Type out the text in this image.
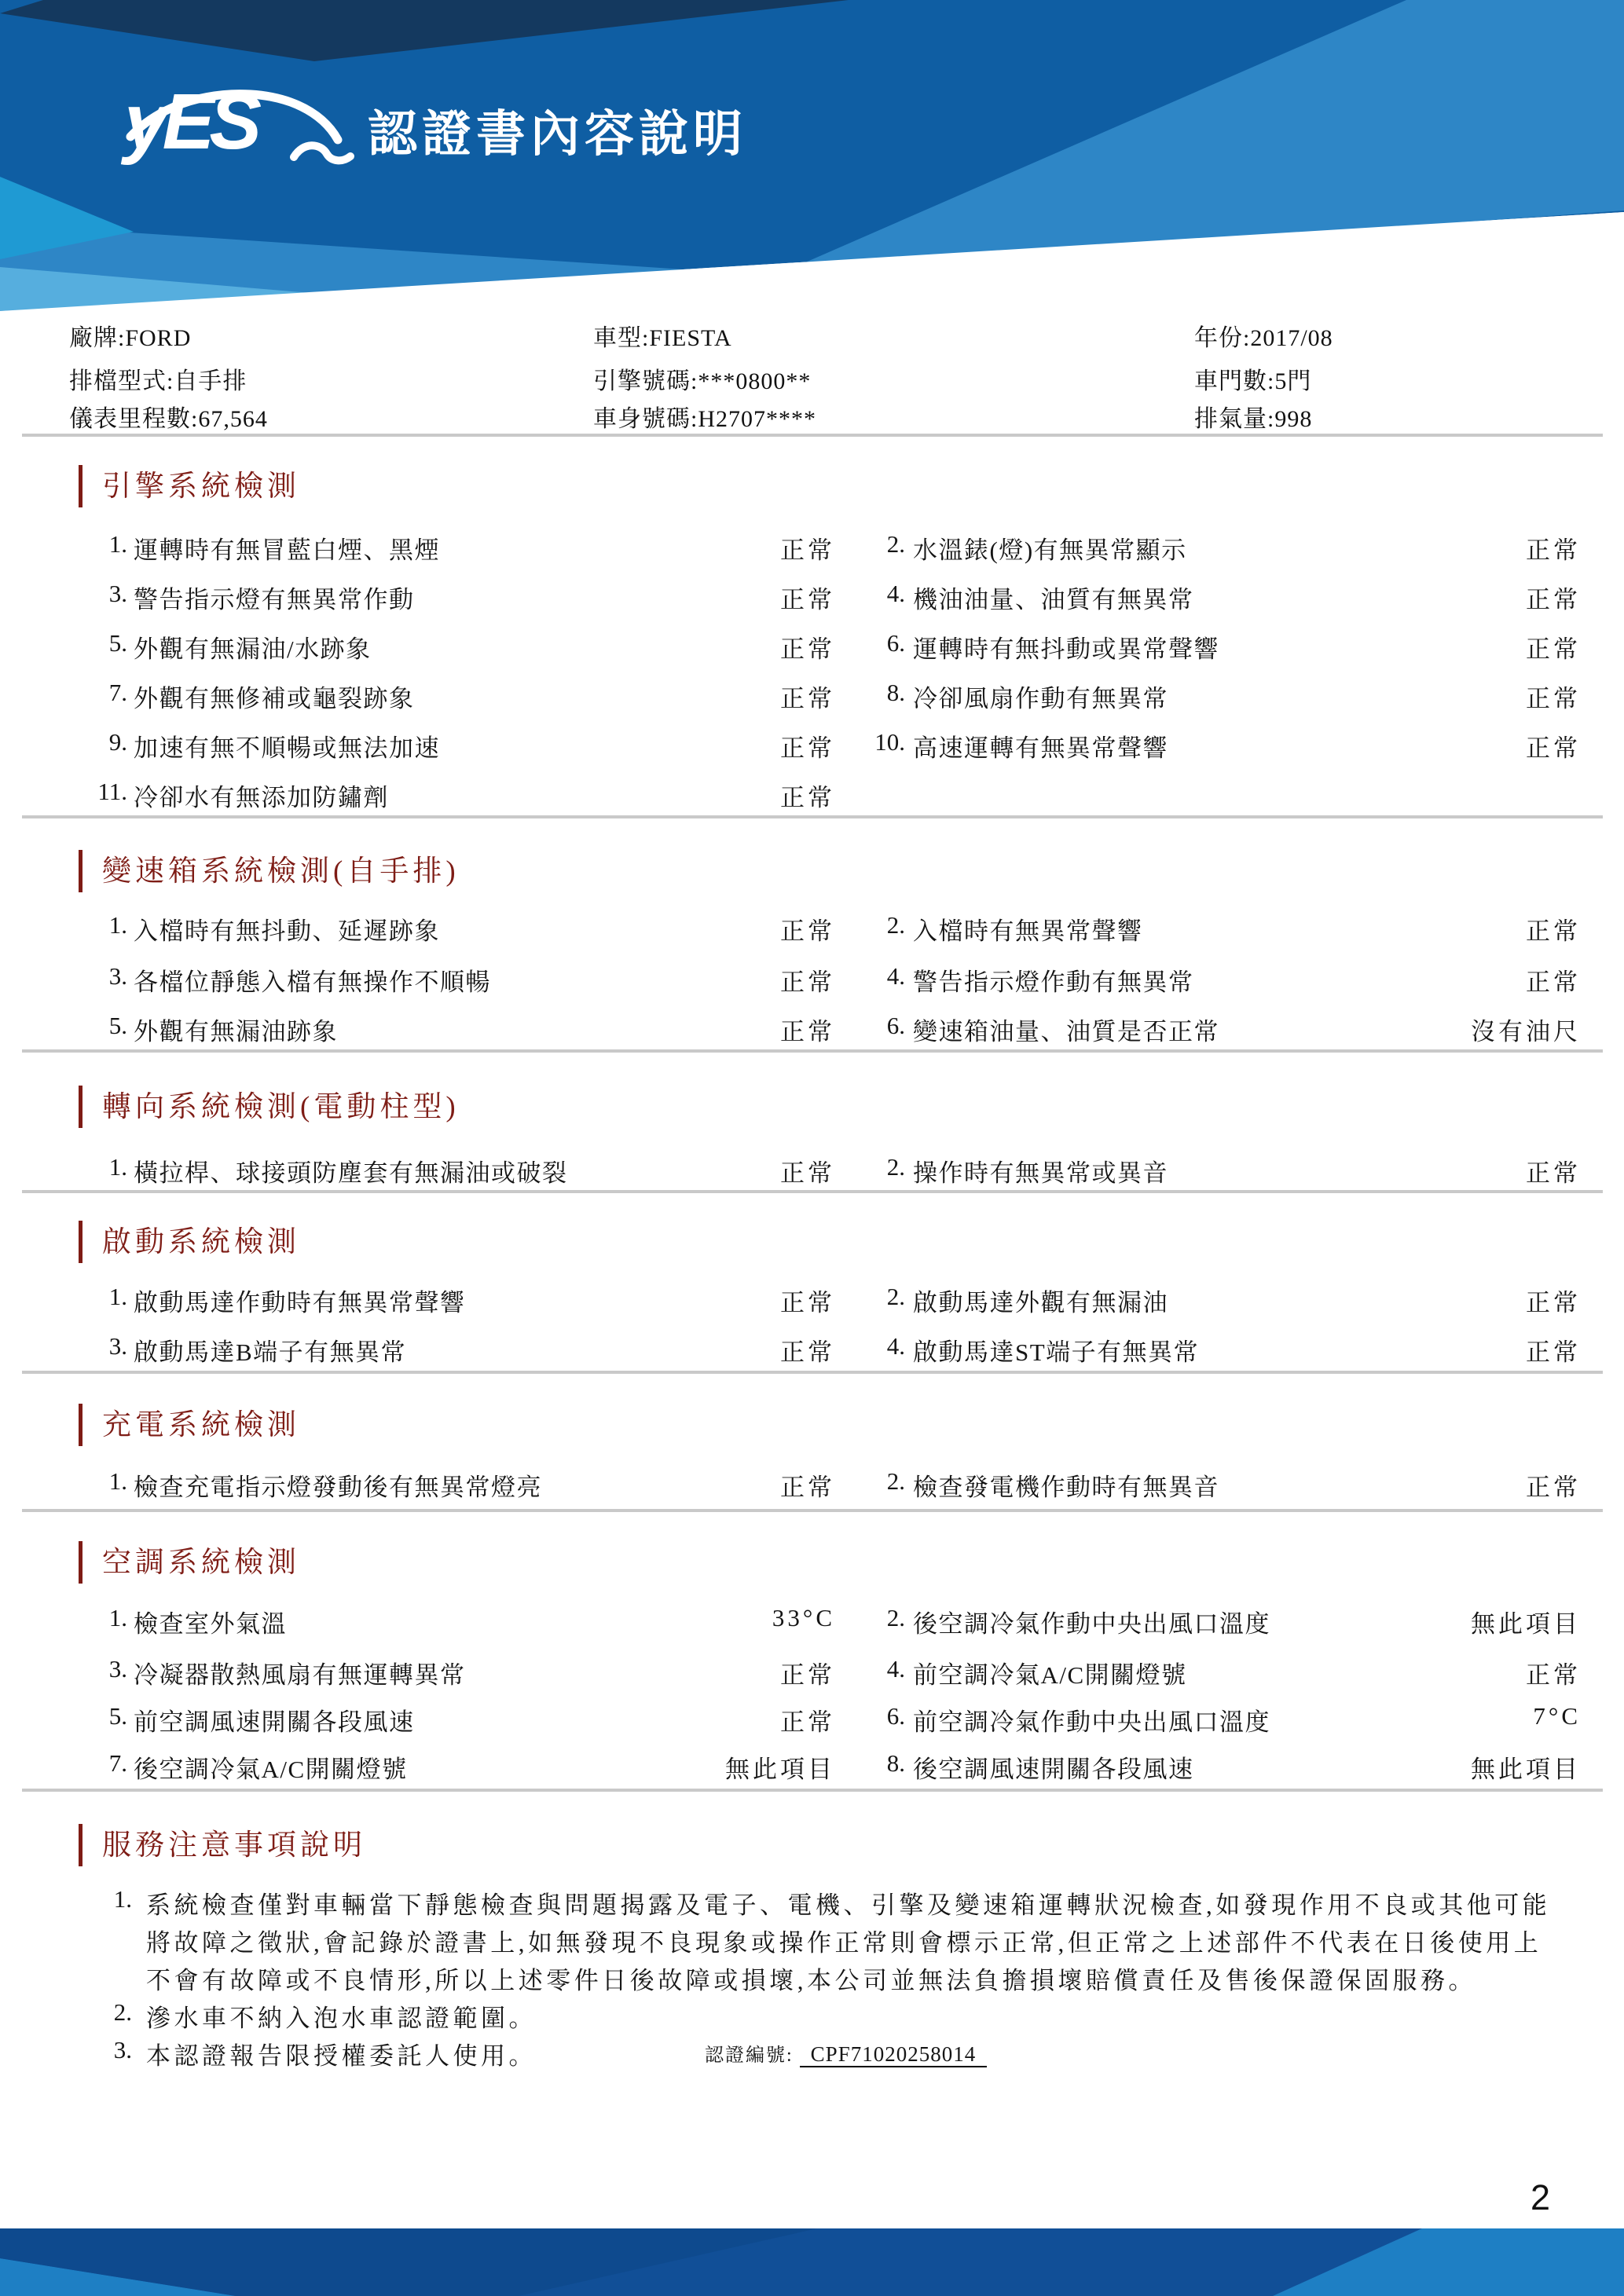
yES 認證書內容說明
廠牌:FORD	車型:FIESTA	年份:2017/08
排檔型式:自手排	引擎號碼:***0800**	車門數:5門
儀表里程數:67,564	車身號碼:H2707****	排氣量:998
引擎系統檢測
1. 運轉時有無冒藍白煙、黑煙	正常	2. 水溫錶(燈)有無異常顯示	正常
3. 警告指示燈有無異常作動	正常	4. 機油油量、油質有無異常	正常
5. 外觀有無漏油/水跡象	正常	6. 運轉時有無抖動或異常聲響	正常
7. 外觀有無修補或龜裂跡象	正常	8. 冷卻風扇作動有無異常	正常
9. 加速有無不順暢或無法加速	正常	10. 高速運轉有無異常聲響	正常
11. 冷卻水有無添加防鏽劑	正常
變速箱系統檢測(自手排)
1. 入檔時有無抖動、延遲跡象	正常	2. 入檔時有無異常聲響	正常
3. 各檔位靜態入檔有無操作不順暢	正常	4. 警告指示燈作動有無異常	正常
5. 外觀有無漏油跡象	正常	6. 變速箱油量、油質是否正常	沒有油尺
轉向系統檢測(電動柱型)
1. 橫拉桿、球接頭防塵套有無漏油或破裂	正常	2. 操作時有無異常或異音	正常
啟動系統檢測
1. 啟動馬達作動時有無異常聲響	正常	2. 啟動馬達外觀有無漏油	正常
3. 啟動馬達B端子有無異常	正常	4. 啟動馬達ST端子有無異常	正常
充電系統檢測
1. 檢查充電指示燈發動後有無異常燈亮	正常	2. 檢查發電機作動時有無異音	正常
空調系統檢測
1. 檢查室外氣溫	33°C	2. 後空調冷氣作動中央出風口溫度	無此項目
3. 冷凝器散熱風扇有無運轉異常	正常	4. 前空調冷氣A/C開關燈號	正常
5. 前空調風速開關各段風速	正常	6. 前空調冷氣作動中央出風口溫度	7°C
7. 後空調冷氣A/C開關燈號	無此項目	8. 後空調風速開關各段風速	無此項目
服務注意事項說明
1. 系統檢查僅對車輛當下靜態檢查與問題揭露及電子、電機、引擎及變速箱運轉狀況檢查,如發現作用不良或其他可能
將故障之徵狀,會記錄於證書上,如無發現不良現象或操作正常則會標示正常,但正常之上述部件不代表在日後使用上
不會有故障或不良情形,所以上述零件日後故障或損壞,本公司並無法負擔損壞賠償責任及售後保證保固服務。
2. 滲水車不納入泡水車認證範圍。
3. 本認證報告限授權委託人使用。	認證編號: CPF71020258014
2
